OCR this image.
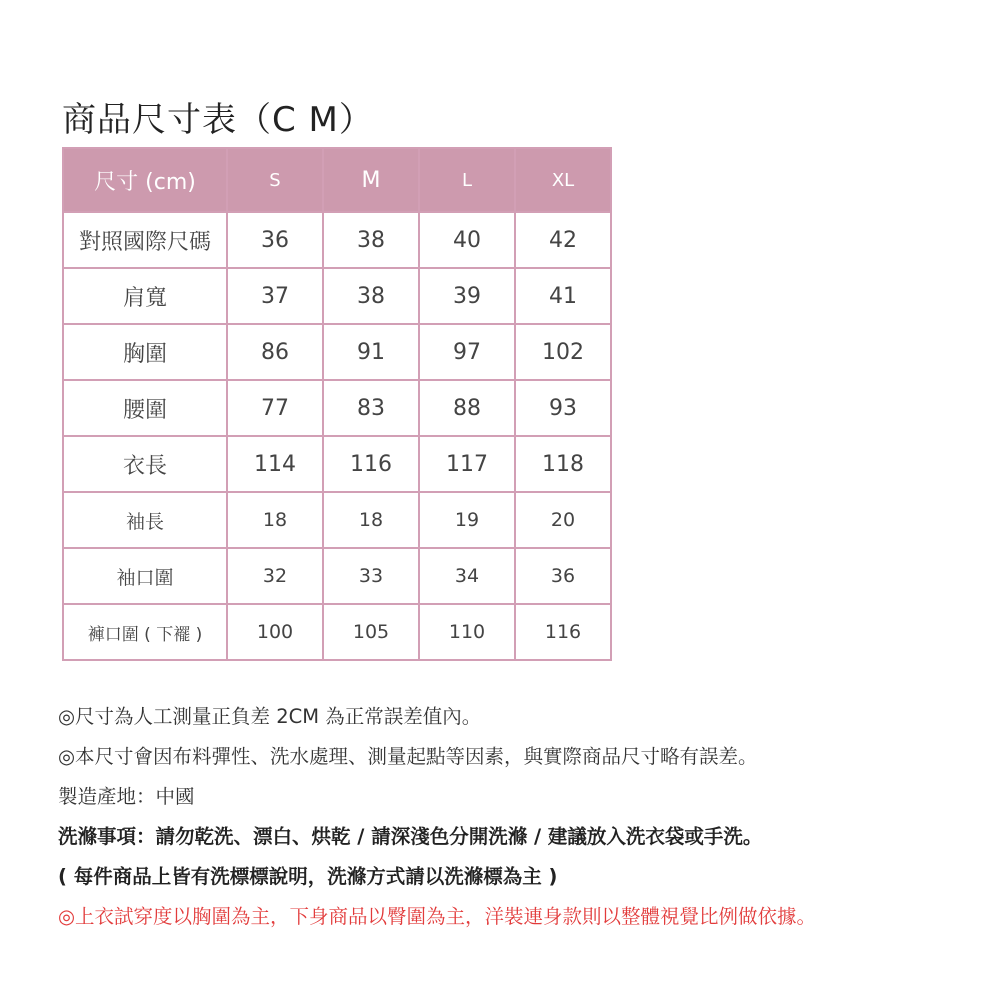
商品尺寸表（C M）
尺寸 (cm)	S	M	L	XL
對照國際尺碼	36	38	40	42
肩寬	37	38	39	41
胸圍	86	91	97	102
腰圍	77	83	88	93
衣長	114	116	117	118
袖長	18	18	19	20
袖口圍	32	33	34	36
褲口圍 ( 下襬 )	100	105	110	116
◎尺寸為人工測量正負差 2CM 為正常誤差值內。
◎本尺寸會因布料彈性、洗水處理、測量起點等因素，與實際商品尺寸略有誤差。
製造產地：中國
洗滌事項：請勿乾洗、漂白、烘乾 / 請深淺色分開洗滌 / 建議放入洗衣袋或手洗。
( 每件商品上皆有洗標標說明，洗滌方式請以洗滌標為主 )
◎上衣試穿度以胸圍為主，下身商品以臀圍為主，洋裝連身款則以整體視覺比例做依據。
